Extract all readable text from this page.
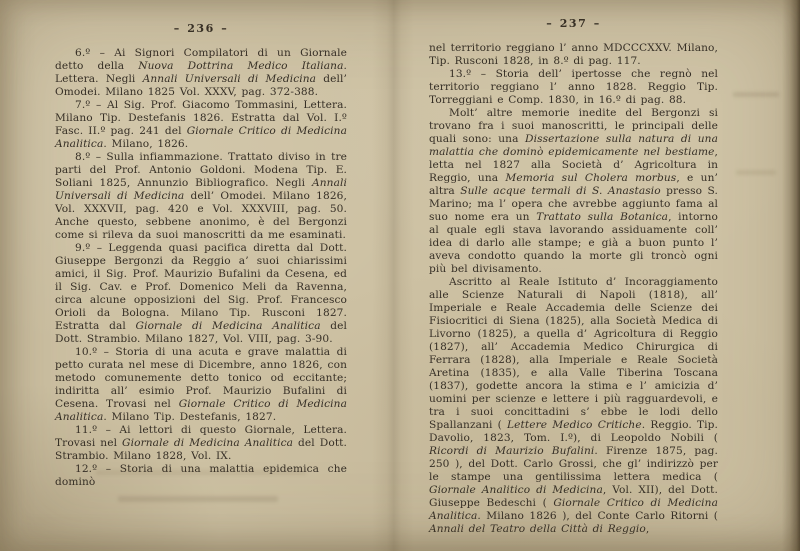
– 236 –

6.º – Ai Signori Compilatori di un Giornale detto della Nuova Dottrina Medico Italiana. Lettera. Negli Annali Universali di Medicina dell’ Omodei. Milano 1825 Vol. XXXV, pag. 372-388.

7.º – Al Sig. Prof. Giacomo Tommasini, Lettera. Milano Tip. Destefanis 1826. Estratta dal Vol. I.º Fasc. II.º pag. 241 del Giornale Critico di Medicina Analitica. Milano, 1826.

8.º – Sulla infiammazione. Trattato diviso in tre parti del Prof. Antonio Goldoni. Modena Tip. E. Soliani 1825, Annunzio Bibliografico. Negli Annali Universali di Medicina dell’ Omodei. Milano 1826, Vol. XXXVII, pag. 420 e Vol. XXXVIII, pag. 50. Anche questo, sebbene anonimo, è del Bergonzi come si rileva da suoi manoscritti da me esaminati.

9.º – Leggenda quasi pacifica diretta dal Dott. Giuseppe Bergonzi da Reggio a’ suoi chiarissimi amici, il Sig. Prof. Maurizio Bufalini da Cesena, ed il Sig. Cav. e Prof. Domenico Meli da Ravenna, circa alcune opposizioni del Sig. Prof. Francesco Orioli da Bologna. Milano Tip. Rusconi 1827. Estratta dal Giornale di Medicina Analitica del Dott. Strambio. Milano 1827, Vol. VIII, pag. 3-90.

10.º – Storia di una acuta e grave malattia di petto curata nel mese di Dicembre, anno 1826, con metodo comunemente detto tonico od eccitante; indiritta all’ esimio Prof. Maurizio Bufalini di Cesena. Trovasi nel Giornale Critico di Medicina Analitica. Milano Tip. Destefanis, 1827.

11.º – Ai lettori di questo Giornale, Lettera. Trovasi nel Giornale di Medicina Analitica del Dott. Strambio. Milano 1828, Vol. IX.

12.º – Storia di una malattia epidemica che dominò

– 237 –

nel territorio reggiano l’ anno MDCCCXXV. Milano, Tip. Rusconi 1828, in 8.º di pag. 117.

13.º – Storia dell’ ipertosse che regnò nel territorio reggiano l’ anno 1828. Reggio Tip. Torreggiani e Comp. 1830, in 16.º di pag. 88.

Molt’ altre memorie inedite del Bergonzi si trovano fra i suoi manoscritti, le principali delle quali sono: una Dissertazione sulla natura di una malattia che dominò epidemicamente nel bestiame, letta nel 1827 alla Società d’ Agricoltura in Reggio, una Memoria sul Cholera morbus, e un’ altra Sulle acque termali di S. Anastasio presso S. Marino; ma l’ opera che avrebbe aggiunto fama al suo nome era un Trattato sulla Botanica, intorno al quale egli stava lavorando assiduamente coll’ idea di darlo alle stampe; e già a buon punto l’ aveva condotto quando la morte gli troncò ogni più bel divisamento.

Ascritto al Reale Istituto d’ Incoraggiamento alle Scienze Naturali di Napoli (1818), all’ Imperiale e Reale Accademia delle Scienze dei Fisiocritici di Siena (1825), alla Società Medica di Livorno (1825), a quella d’ Agricoltura di Reggio (1827), all’ Accademia Medico Chirurgica di Ferrara (1828), alla Imperiale e Reale Società Aretina (1835), e alla Valle Tiberina Toscana (1837), godette ancora la stima e l’ amicizia d’ uomini per scienze e lettere i più ragguardevoli, e tra i suoi concittadini s’ ebbe le lodi dello Spallanzani ( Lettere Medico Critiche. Reggio. Tip. Davolio, 1823, Tom. I.º), di Leopoldo Nobili ( Ricordi di Maurizio Bufalini. Firenze 1875, pag. 250 ), del Dott. Carlo Grossi, che gl’ indirizzò per le stampe una gentilissima lettera medica ( Giornale Analitico di Medicina, Vol. XII), del Dott. Giuseppe Bedeschi ( Giornale Critico di Medicina Analitica. Milano 1826 ), del Conte Carlo Ritorni ( Annali del Teatro della Città di Reggio,
